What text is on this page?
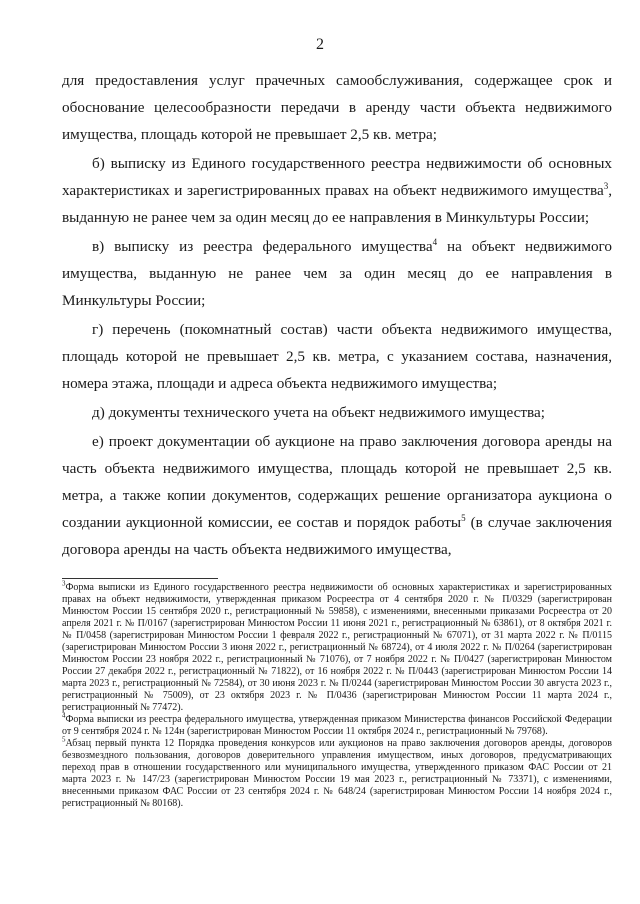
2

для предоставления услуг прачечных самообслуживания, содержащее срок и обоснование целесообразности передачи в аренду части объекта недвижимого имущества, площадь которой не превышает 2,5 кв. метра;

б) выписку из Единого государственного реестра недвижимости об основных характеристиках и зарегистрированных правах на объект недвижимого имущества$^3$, выданную не ранее чем за один месяц до ее направления в Минкультуры России;

в) выписку из реестра федерального имущества$^4$ на объект недвижимого имущества, выданную не ранее чем за один месяц до ее направления в Минкультуры России;

г) перечень (покомнатный состав) части объекта недвижимого имущества, площадь которой не превышает 2,5 кв. метра, с указанием состава, назначения, номера этажа, площади и адреса объекта недвижимого имущества;

д) документы технического учета на объект недвижимого имущества;

е) проект документации об аукционе на право заключения договора аренды на часть объекта недвижимого имущества, площадь которой не превышает 2,5 кв. метра, а также копии документов, содержащих решение организатора аукциона о создании аукционной комиссии, ее состав и порядок работы$^5$ (в случае заключения договора аренды на часть объекта недвижимого имущества,

$^3$Форма выписки из Единого государственного реестра недвижимости об основных характеристиках и зарегистрированных правах на объект недвижимости, утвержденная приказом Росреестра от 4 сентября 2020 г. № П/0329 (зарегистрирован Минюстом России 15 сентября 2020 г., регистрационный № 59858), с изменениями, внесенными приказами Росреестра от 20 апреля 2021 г. № П/0167 (зарегистрирован Минюстом России 11 июня 2021 г., регистрационный № 63861), от 8 октября 2021 г. № П/0458 (зарегистрирован Минюстом России 1 февраля 2022 г., регистрационный № 67071), от 31 марта 2022 г. № П/0115 (зарегистрирован Минюстом России 3 июня 2022 г., регистрационный № 68724), от 4 июля 2022 г. № П/0264 (зарегистрирован Минюстом России 23 ноября 2022 г., регистрационный № 71076), от 7 ноября 2022 г. № П/0427 (зарегистрирован Минюстом России 27 декабря 2022 г., регистрационный № 71822), от 16 ноября 2022 г. № П/0443 (зарегистрирован Минюстом России 14 марта 2023 г., регистрационный № 72584), от 30 июня 2023 г. № П/0244 (зарегистрирован Минюстом России 30 августа 2023 г., регистрационный № 75009), от 23 октября 2023 г. № П/0436 (зарегистрирован Минюстом России 11 марта 2024 г., регистрационный № 77472).

$^4$Форма выписки из реестра федерального имущества, утвержденная приказом Министерства финансов Российской Федерации от 9 сентября 2024 г. № 124н (зарегистрирован Минюстом России 11 октября 2024 г., регистрационный № 79768).

$^5$Абзац первый пункта 12 Порядка проведения конкурсов или аукционов на право заключения договоров аренды, договоров безвозмездного пользования, договоров доверительного управления имуществом, иных договоров, предусматривающих переход прав в отношении государственного или муниципального имущества, утвержденного приказом ФАС России от 21 марта 2023 г. № 147/23 (зарегистрирован Минюстом России 19 мая 2023 г., регистрационный № 73371), с изменениями, внесенными приказом ФАС России от 23 сентября 2024 г. № 648/24 (зарегистрирован Минюстом России 14 ноября 2024 г., регистрационный № 80168).
